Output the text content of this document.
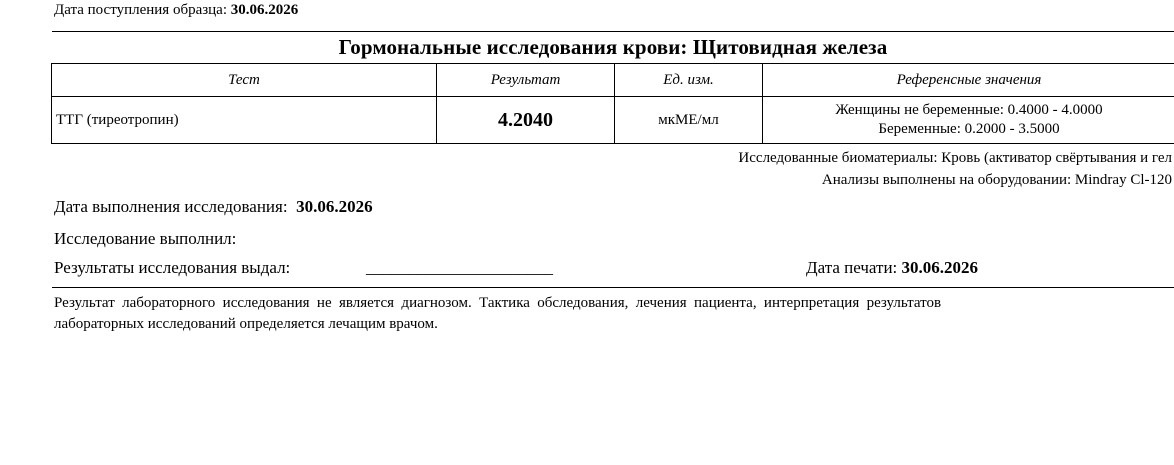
Дата поступления образца: 30.06.2026
Гормональные исследования крови: Щитовидная железа
Тест	Результат	Ед. изм.	Референсные значения
ТТГ (тиреотропин)	4.2040	мкМЕ/мл	Женщины не беременные: 0.4000 - 4.0000
Беременные: 0.2000 - 3.5000
Исследованные биоматериалы: Кровь (активатор свёртывания и гел
Анализы выполнены на оборудовании: Mindray Cl-120
Дата выполнения исследования: 30.06.2026
Исследование выполнил:
Результаты исследования выдал:	______________________	Дата печати: 30.06.2026
Результат лабораторного исследования не является диагнозом. Тактика обследования, лечения пациента, интерпретация результатов
лабораторных исследований определяется лечащим врачом.
